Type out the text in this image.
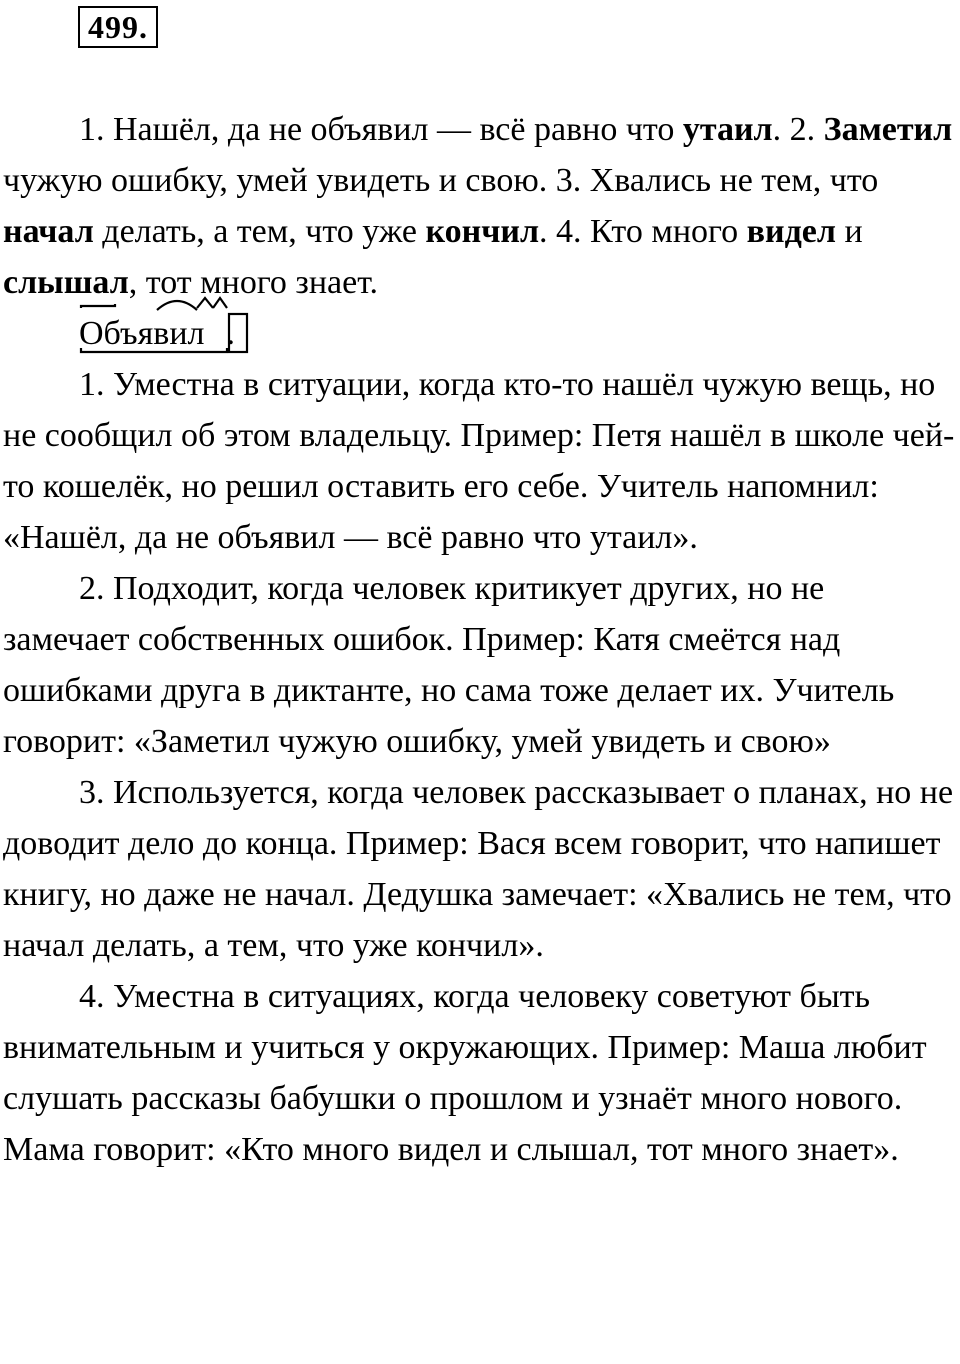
499.

1. Нашёл, да не объявил — всё равно что утаил. 2. Заметил чужую ошибку, умей увидеть и свою. 3. Хвались не тем, что начал делать, а тем, что уже кончил. 4. Кто много видел и слышал, тот много знает.

Объявил .

1. Уместна в ситуации, когда кто-то нашёл чужую вещь, но не сообщил об этом владельцу. Пример: Петя нашёл в школе чей-то кошелёк, но решил оставить его себе. Учитель напомнил: «Нашёл, да не объявил — всё равно что утаил».

2. Подходит, когда человек критикует других, но не замечает собственных ошибок. Пример: Катя смеётся над ошибками друга в диктанте, но сама тоже делает их. Учитель говорит: «Заметил чужую ошибку, умей увидеть и свою»

3. Используется, когда человек рассказывает о планах, но не доводит дело до конца. Пример: Вася всем говорит, что напишет книгу, но даже не начал. Дедушка замечает: «Хвались не тем, что начал делать, а тем, что уже кончил».

4. Уместна в ситуациях, когда человеку советуют быть внимательным и учиться у окружающих. Пример: Маша любит слушать рассказы бабушки о прошлом и узнаёт много нового. Мама говорит: «Кто много видел и слышал, тот много знает».
